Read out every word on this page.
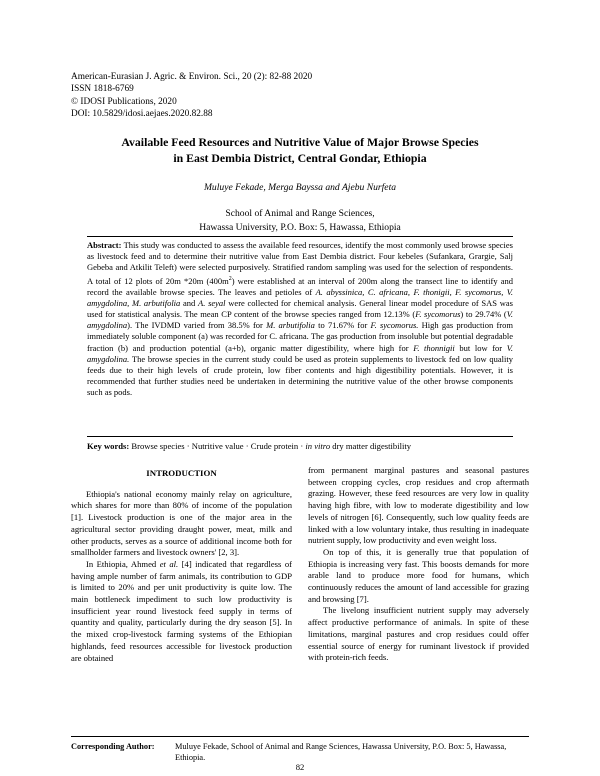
American-Eurasian J. Agric. & Environ. Sci., 20 (2): 82-88 2020
ISSN 1818-6769
© IDOSI Publications, 2020
DOI: 10.5829/idosi.aejaes.2020.82.88
Available Feed Resources and Nutritive Value of Major Browse Species
in East Dembia District, Central Gondar, Ethiopia
Muluye Fekade, Merga Bayssa and Ajebu Nurfeta
School of Animal and Range Sciences,
Hawassa University, P.O. Box: 5, Hawassa, Ethiopia
Abstract: This study was conducted to assess the available feed resources, identify the most commonly used browse species as livestock feed and to determine their nutritive value from East Dembia district. Four kebeles (Sufankara, Grargie, Salj Gebeba and Atkilit Teleft) were selected purposively. Stratified random sampling was used for the selection of respondents. A total of 12 plots of 20m *20m $(400m^2)$ were established at an interval of 200m along the transect line to identify and record the available browse species. The leaves and petioles of A. abyssinica, C. africana, F. thonigii, F. sycomorus, V. amygdolina, M. arbutifolia and A. seyal were collected for chemical analysis. General linear model procedure of SAS was used for statistical analysis. The mean CP content of the browse species ranged from 12.13% (F. sycomorus) to 29.74% (V. amygdolina). The IVDMD varied from 38.5% for M. arbutifolia to 71.67% for F. sycomorus. High gas production from immediately soluble component (a) was recorded for C. africana. The gas production from insoluble but potential degradable fraction (b) and production potential (a+b), organic matter digestibility, where high for F. thonnigii but low for V. amygdolina. The browse species in the current study could be used as protein supplements to livestock fed on low quality feeds due to their high levels of crude protein, low fiber contents and high digestibility potentials. However, it is recommended that further studies need be undertaken in determining the nutritive value of the other browse components such as pods.
Key words: Browse species · Nutritive value · Crude protein · in vitro dry matter digestibility
INTRODUCTION

Ethiopia's national economy mainly relay on agriculture, which shares for more than 80% of income of the population [1]. Livestock production is one of the major area in the agricultural sector providing draught power, meat, milk and other products, serves as a source of additional income both for smallholder farmers and livestock owners' [2, 3].

In Ethiopia, Ahmed et al. [4] indicated that regardless of having ample number of farm animals, its contribution to GDP is limited to 20% and per unit productivity is quite low. The main bottleneck impediment to such low productivity is insufficient year round livestock feed supply in terms of quantity and quality, particularly during the dry season [5]. In the mixed crop-livestock farming systems of the Ethiopian highlands, feed resources accessible for livestock production are obtained

from permanent marginal pastures and seasonal pastures between cropping cycles, crop residues and crop aftermath grazing. However, these feed resources are very low in quality having high fibre, with low to moderate digestibility and low levels of nitrogen [6]. Consequently, such low quality feeds are linked with a low voluntary intake, thus resulting in inadequate nutrient supply, low productivity and even weight loss.

On top of this, it is generally true that population of Ethiopia is increasing very fast. This boosts demands for more arable land to produce more food for humans, which continuously reduces the amount of land accessible for grazing and browsing [7].

The livelong insufficient nutrient supply may adversely affect productive performance of animals. In spite of these limitations, marginal pastures and crop residues could offer essential source of energy for ruminant livestock if provided with protein-rich feeds.

Corresponding Author: Muluye Fekade, School of Animal and Range Sciences, Hawassa University, P.O. Box: 5, Hawassa, Ethiopia.
82
